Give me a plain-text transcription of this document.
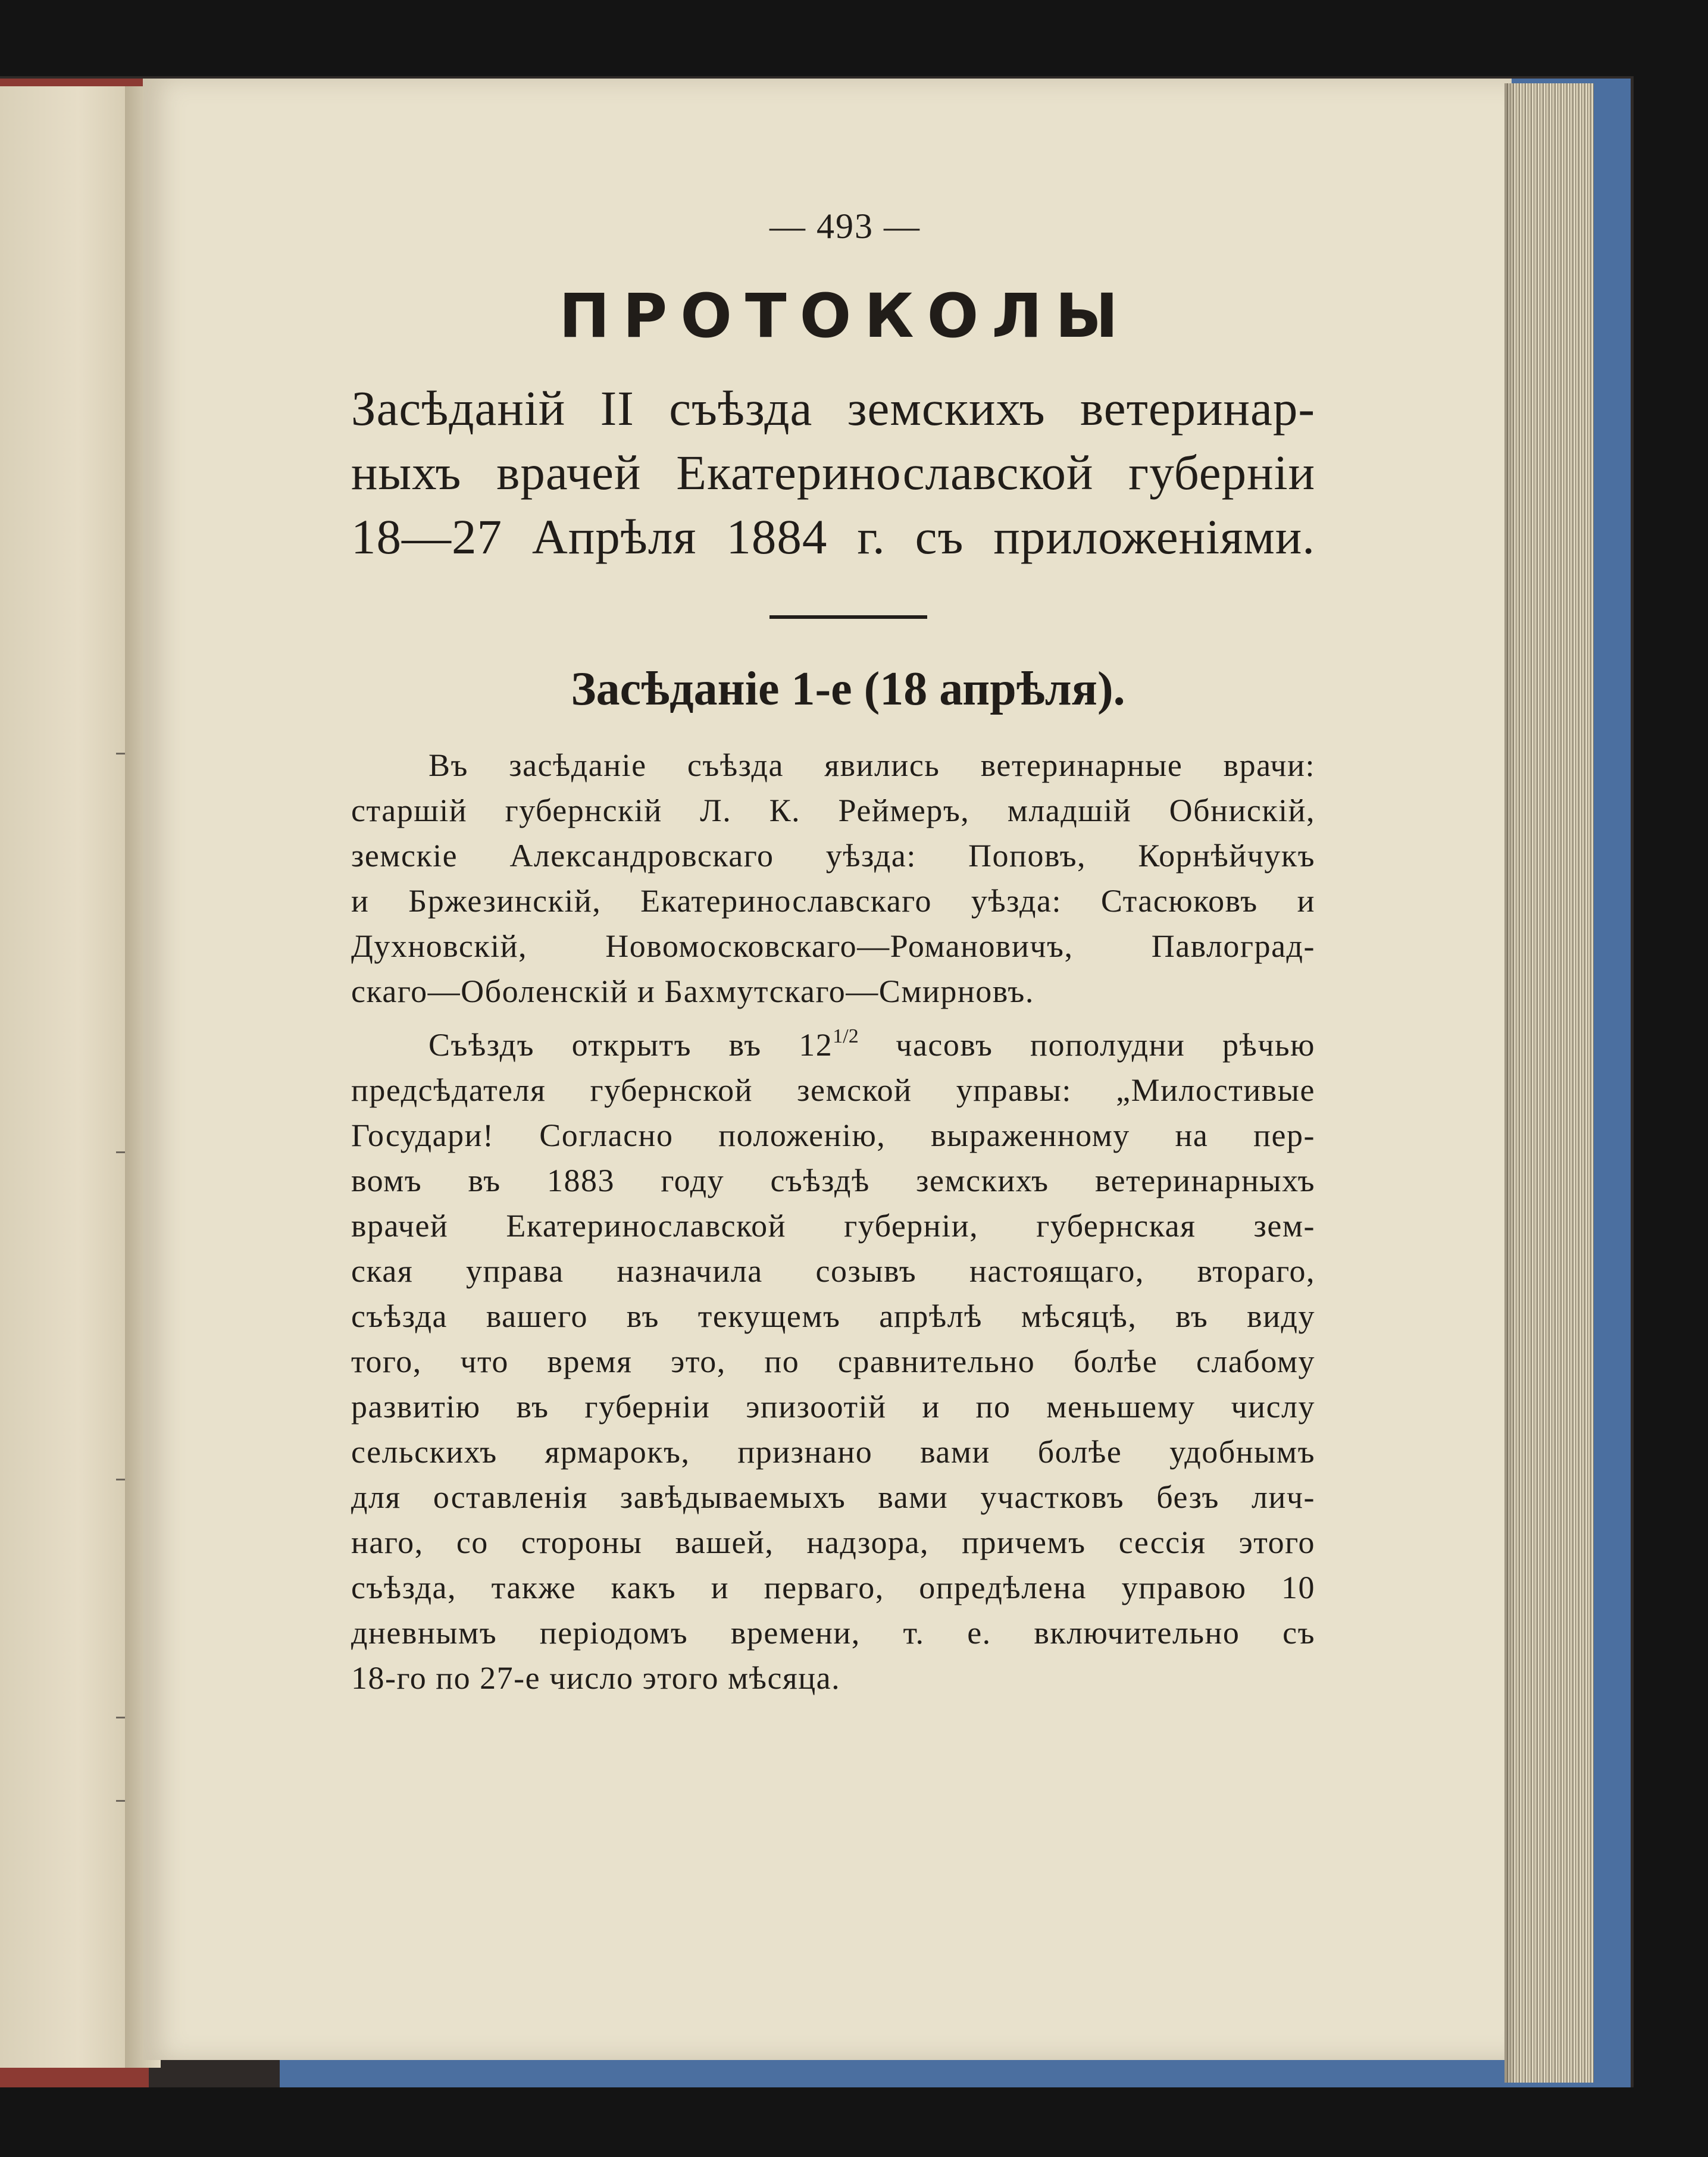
— 493 —
ПРОТОКОЛЫ
Засѣданій II съѣзда земскихъ ветеринар-
ныхъ врачей Екатеринославской губерніи
18—27 Апрѣля 1884 г. съ приложеніями.
Засѣданіе 1-е (18 апрѣля).
Въ засѣданіе съѣзда явились ветеринарные врачи:
старшій губернскій Л. К. Реймеръ, младшій Обнискій,
земскіе Александровскаго уѣзда: Поповъ, Корнѣйчукъ
и Бржезинскій, Екатеринославскаго уѣзда: Стасюковъ и
Духновскій, Новомосковскаго—Романовичъ, Павлоград-
скаго—Оболенскій и Бахмутскаго—Смирновъ.
Съѣздъ открытъ въ $12^{1/2}$ часовъ пополудни рѣчью
предсѣдателя губернской земской управы: „Милостивые
Государи! Согласно положенію, выраженному на пер-
вомъ въ 1883 году съѣздѣ земскихъ ветеринарныхъ
врачей Екатеринославской губерніи, губернская зем-
ская управа назначила созывъ настоящаго, втораго,
съѣзда вашего въ текущемъ апрѣлѣ мѣсяцѣ, въ виду
того, что время это, по сравнительно болѣе слабому
развитію въ губерніи эпизоотій и по меньшему числу
сельскихъ ярмарокъ, признано вами болѣе удобнымъ
для оставленія завѣдываемыхъ вами участковъ безъ лич-
наго, со стороны вашей, надзора, причемъ сессія этого
съѣзда, также какъ и перваго, опредѣлена управою 10
дневнымъ періодомъ времени, т. е. включительно съ
18-го по 27-е число этого мѣсяца.
